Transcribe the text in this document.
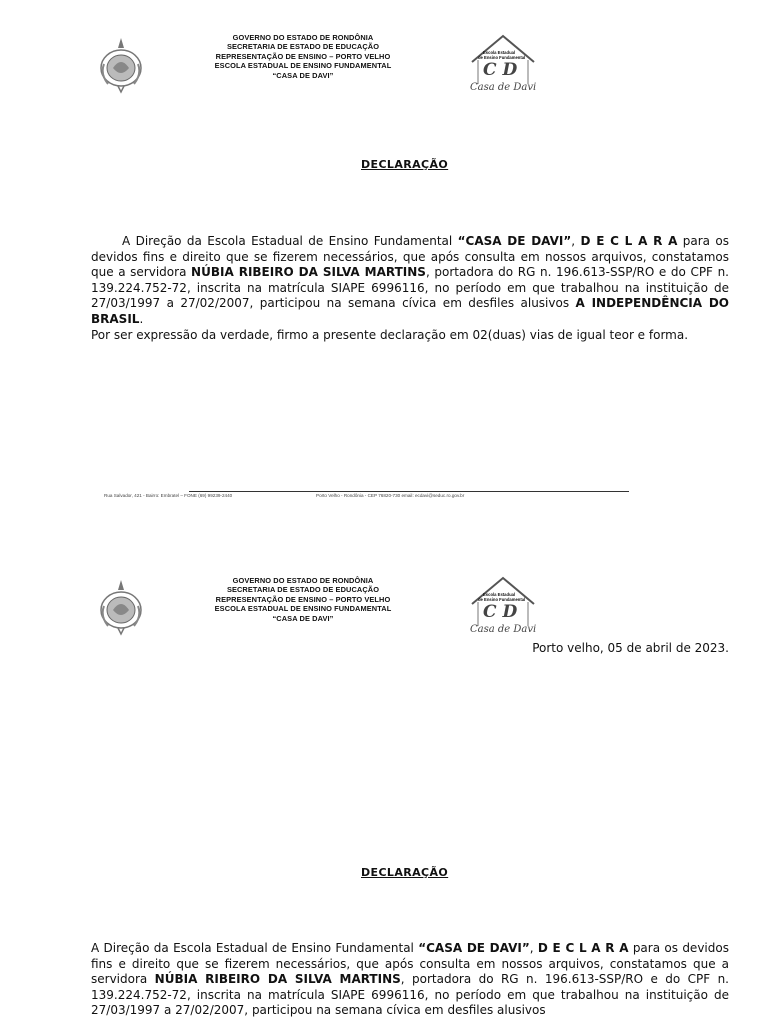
GOVERNO DO ESTADO DE RONDÔNIA
SECRETARIA DE ESTADO DE EDUCAÇÃO
REPRESENTAÇÃO DE ENSINO – PORTO VELHO
ESCOLA ESTADUAL DE ENSINO FUNDAMENTAL
“CASA DE DAVI”
Escola Estadual
de Ensino Fundamental
C D
Casa de Davi
DECLARAÇÃO

A Direção da Escola Estadual de Ensino Fundamental “CASA DE DAVI”, D E C L A R A para os devidos fins e direito que se fizerem necessários, que após consulta em nossos arquivos, constatamos que a servidora NÚBIA RIBEIRO DA SILVA MARTINS, portadora do RG n. 196.613-SSP/RO e do CPF n. 139.224.752-72, inscrita na matrícula SIAPE 6996116, no período em que trabalhou na instituição de 27/03/1997 a 27/02/2007, participou na semana cívica em desfiles alusivos A INDEPENDÊNCIA DO BRASIL.

Por ser expressão da verdade, firmo a presente declaração em 02(duas) vias de igual teor e forma.

Rua Salvador, 421 - Bairro: Embratel – FONE (69) 99239-2440	Porto Velho - Rondônia - CEP 76820-730 email: ecdavi@seduc.ro.gov.br
GOVERNO DO ESTADO DE RONDÔNIA
SECRETARIA DE ESTADO DE EDUCAÇÃO
REPRESENTAÇÃO DE ENSINO – PORTO VELHO
ESCOLA ESTADUAL DE ENSINO FUNDAMENTAL
“CASA DE DAVI”
Escola Estadual
de Ensino Fundamental
C D
Casa de Davi
Porto velho, 05 de abril de 2023.
DECLARAÇÃO

A Direção da Escola Estadual de Ensino Fundamental “CASA DE DAVI”, D E C L A R A para os devidos fins e direito que se fizerem necessários, que após consulta em nossos arquivos, constatamos que a servidora NÚBIA RIBEIRO DA SILVA MARTINS, portadora do RG n. 196.613-SSP/RO e do CPF n. 139.224.752-72, inscrita na matrícula SIAPE 6996116, no período em que trabalhou na instituição de 27/03/1997 a 27/02/2007, participou na semana cívica em desfiles alusivos
